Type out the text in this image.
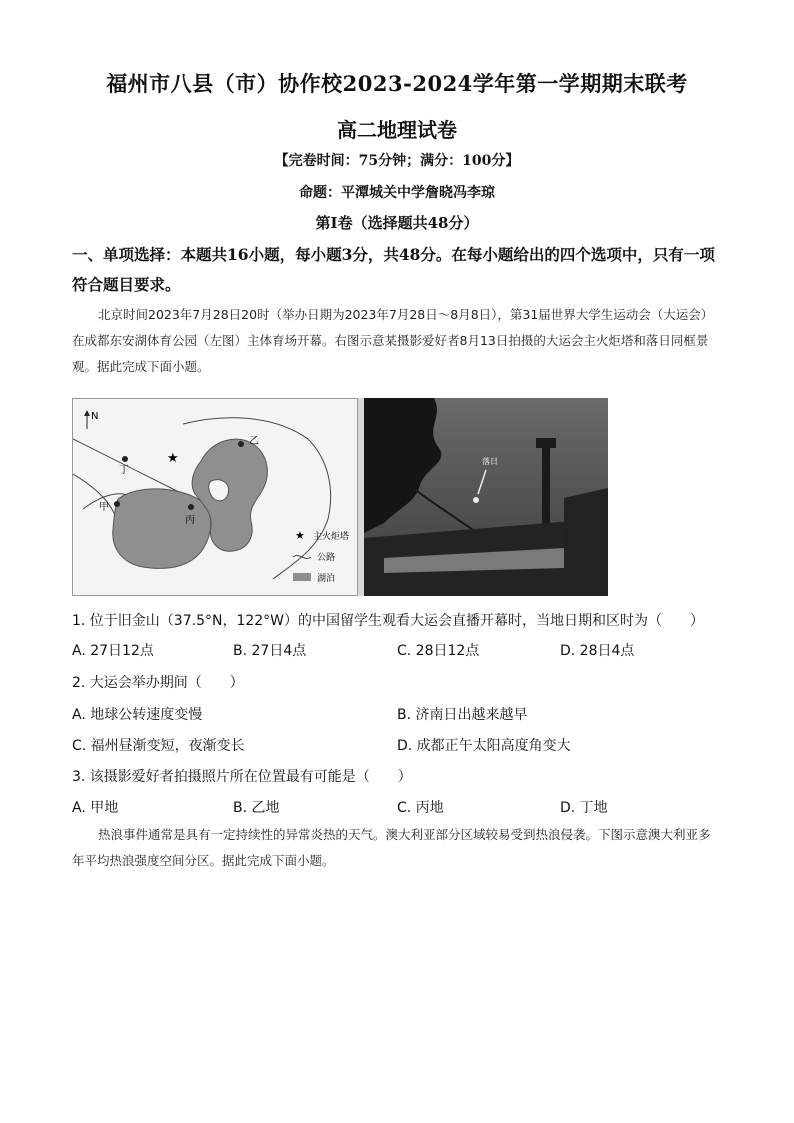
福州市八县（市）协作校2023-2024学年第一学期期末联考
高二地理试卷
【完卷时间：75分钟；满分：100分】
命题：平潭城关中学詹晓冯李琼
第Ⅰ卷（选择题共48分）
一、单项选择：本题共16小题，每小题3分，共48分。在每小题给出的四个选项中，只有一项符合题目要求。
北京时间2023年7月28日20时（举办日期为2023年7月28日～8月8日），第31届世界大学生运动会（大运会）在成都东安湖体育公园（左图）主体育场开幕。右图示意某摄影爱好者8月13日拍摄的大运会主火炬塔和落日同框景观。据此完成下面小题。
N
★
丁
乙
甲
丙
★ 主火炬塔
公路
湖泊
落日
1. 位于旧金山（37.5°N，122°W）的中国留学生观看大运会直播开幕时，当地日期和区时为（　　）
A. 27日12点	B. 27日4点	C. 28日12点	D. 28日4点
2. 大运会举办期间（　　）
A. 地球公转速度变慢	B. 济南日出越来越早
C. 福州昼渐变短，夜渐变长	D. 成都正午太阳高度角变大
3. 该摄影爱好者拍摄照片所在位置最有可能是（　　）
A. 甲地	B. 乙地	C. 丙地	D. 丁地
热浪事件通常是具有一定持续性的异常炎热的天气。澳大利亚部分区域较易受到热浪侵袭。下图示意澳大利亚多年平均热浪强度空间分区。据此完成下面小题。
